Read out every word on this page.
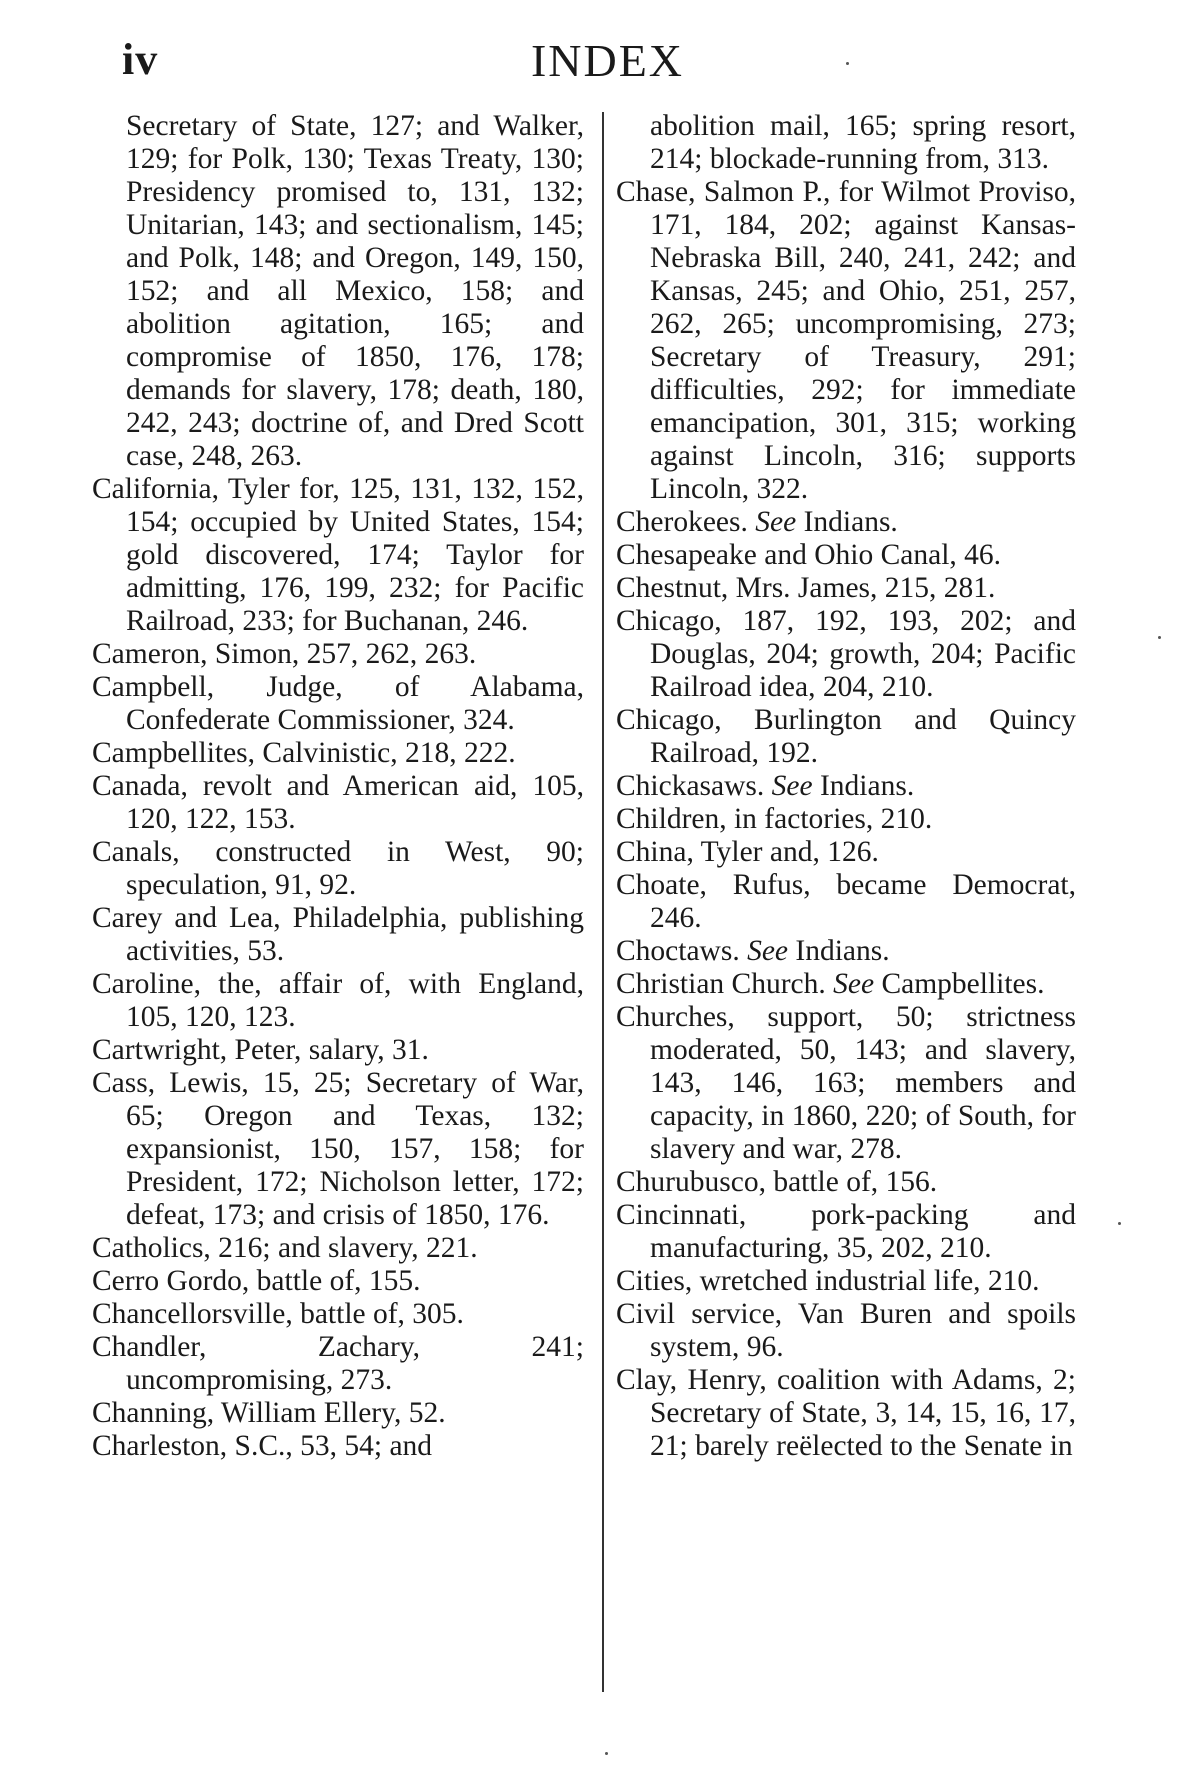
iv	INDEX

Secretary of State, 127; and Walker, 129; for Polk, 130; Texas Treaty, 130; Presidency promised to, 131, 132; Unitarian, 143; and sectionalism, 145; and Polk, 148; and Oregon, 149, 150, 152; and all Mexico, 158; and abolition agitation, 165; and compromise of 1850, 176, 178; demands for slavery, 178; death, 180, 242, 243; doctrine of, and Dred Scott case, 248, 263.

California, Tyler for, 125, 131, 132, 152, 154; occupied by United States, 154; gold discovered, 174; Taylor for admitting, 176, 199, 232; for Pacific Railroad, 233; for Buchanan, 246.

Cameron, Simon, 257, 262, 263.

Campbell, Judge, of Alabama, Confederate Commissioner, 324.

Campbellites, Calvinistic, 218, 222.

Canada, revolt and American aid, 105, 120, 122, 153.

Canals, constructed in West, 90; speculation, 91, 92.

Carey and Lea, Philadelphia, publishing activities, 53.

Caroline, the, affair of, with England, 105, 120, 123.

Cartwright, Peter, salary, 31.

Cass, Lewis, 15, 25; Secretary of War, 65; Oregon and Texas, 132; expansionist, 150, 157, 158; for President, 172; Nicholson letter, 172; defeat, 173; and crisis of 1850, 176.

Catholics, 216; and slavery, 221.

Cerro Gordo, battle of, 155.

Chancellorsville, battle of, 305.

Chandler, Zachary, 241; uncompromising, 273.

Channing, William Ellery, 52.

Charleston, S.C., 53, 54; and

abolition mail, 165; spring resort, 214; blockade-running from, 313.

Chase, Salmon P., for Wilmot Proviso, 171, 184, 202; against Kansas-Nebraska Bill, 240, 241, 242; and Kansas, 245; and Ohio, 251, 257, 262, 265; uncompromising, 273; Secretary of Treasury, 291; difficulties, 292; for immediate emancipation, 301, 315; working against Lincoln, 316; supports Lincoln, 322.

Cherokees. See Indians.

Chesapeake and Ohio Canal, 46.

Chestnut, Mrs. James, 215, 281.

Chicago, 187, 192, 193, 202; and Douglas, 204; growth, 204; Pacific Railroad idea, 204, 210.

Chicago, Burlington and Quincy Railroad, 192.

Chickasaws. See Indians.

Children, in factories, 210.

China, Tyler and, 126.

Choate, Rufus, became Democrat, 246.

Choctaws. See Indians.

Christian Church. See Campbellites.

Churches, support, 50; strictness moderated, 50, 143; and slavery, 143, 146, 163; members and capacity, in 1860, 220; of South, for slavery and war, 278.

Churubusco, battle of, 156.

Cincinnati, pork-packing and manufacturing, 35, 202, 210.

Cities, wretched industrial life, 210.

Civil service, Van Buren and spoils system, 96.

Clay, Henry, coalition with Adams, 2; Secretary of State, 3, 14, 15, 16, 17, 21; barely reëlected to the Senate in
